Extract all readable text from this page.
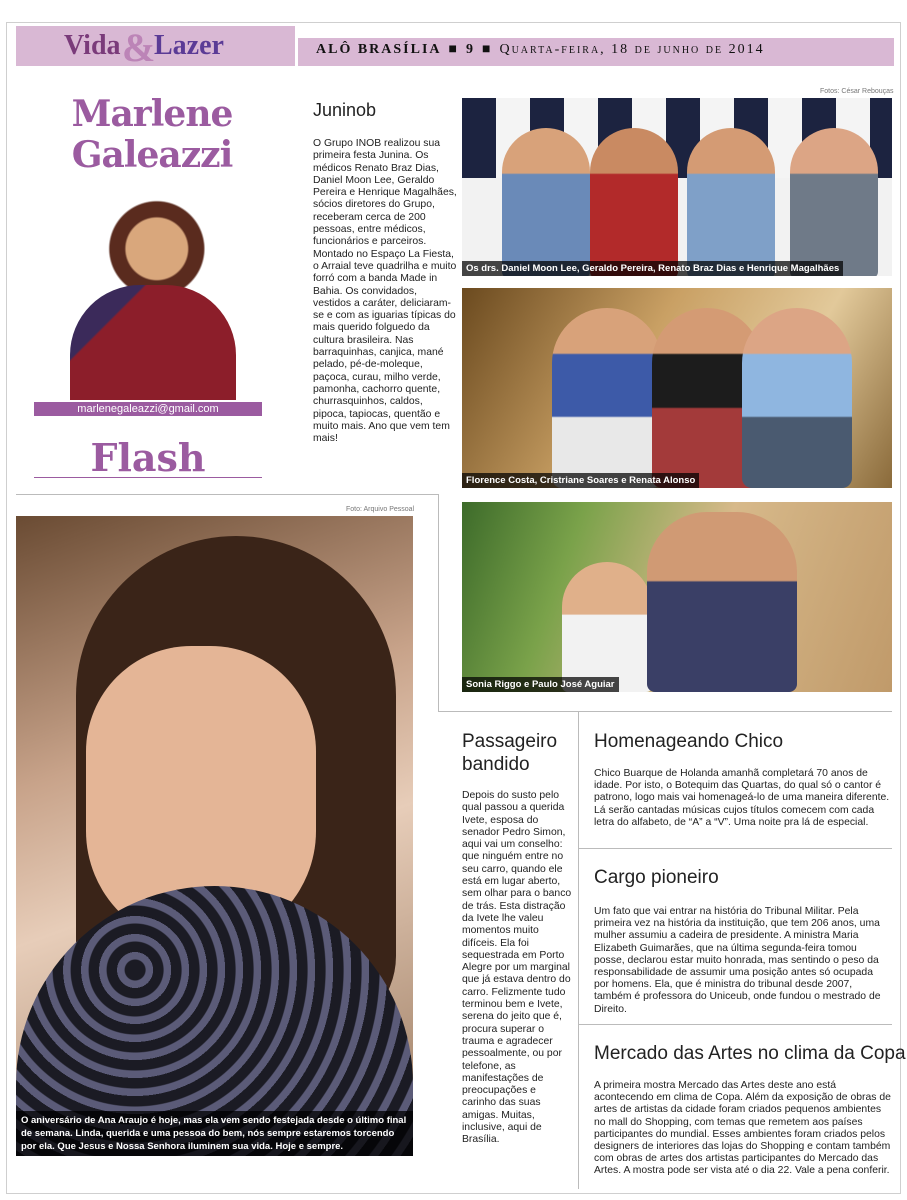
Vida &
Lazer	ALÔ BRASÍLIA ■ 9 ■ Quarta-feira, 18 de junho de 2014
Marlene
Galeazzi
marlenegaleazzi@gmail.com
Flash
Juninob
O Grupo INOB realizou sua primeira festa Junina. Os médicos Renato Braz Dias, Daniel Moon Lee, Geraldo Pereira e Henrique Magalhães, sócios diretores do Grupo, receberam cerca de 200 pessoas, entre médicos, funcionários e parceiros. Montado no Espaço La Fiesta, o Arraial teve quadrilha e muito forró com a banda Made in Bahia. Os convidados, vestidos a caráter, deliciaram-se e com as iguarias típicas do mais querido folguedo da cultura brasileira. Nas barraquinhas, canjica, mané pelado, pé-de-moleque, paçoca, curau, milho verde, pamonha, cachorro quente, churrasquinhos, caldos, pipoca, tapiocas, quentão e muito mais. Ano que vem tem mais!
Fotos: César Rebouças
Os drs. Daniel Moon Lee, Geraldo Pereira, Renato Braz Dias e Henrique Magalhães
Florence Costa, Cristriane Soares e Renata Alonso
Sonia Riggo e Paulo José Aguiar
Foto: Arquivo Pessoal
O aniversário de Ana Araujo é hoje, mas ela vem sendo festejada desde o último final de semana. Linda, querida e uma pessoa do bem, nós sempre estaremos torcendo por ela. Que Jesus e Nossa Senhora iluminem sua vida. Hoje e sempre.
Passageiro
bandido
Depois do susto pelo qual passou a querida Ivete, esposa do senador Pedro Simon, aqui vai um conselho: que ninguém entre no seu carro, quando ele está em lugar aberto, sem olhar para o banco de trás. Esta distração da Ivete lhe valeu momentos muito difíceis. Ela foi sequestrada em Porto Alegre por um marginal que já estava dentro do carro. Felizmente tudo terminou bem e Ivete, serena do jeito que é, procura superar o trauma e agradecer pessoalmente, ou por telefone, as manifestações de preocupações e carinho das suas amigas. Muitas, inclusive, aqui de Brasília.
Homenageando Chico
Chico Buarque de Holanda amanhã completará 70 anos de idade. Por isto, o Botequim das Quartas, do qual só o cantor é patrono, logo mais vai homenageá-lo de uma maneira diferente. Lá serão cantadas músicas cujos títulos comecem com cada letra do alfabeto, de “A” a “V”. Uma noite pra lá de especial.
Cargo pioneiro
Um fato que vai entrar na história do Tribunal Militar. Pela primeira vez na história da instituição, que tem 206 anos, uma mulher assumiu a cadeira de presidente. A ministra Maria Elizabeth Guimarães, que na última segunda-feira tomou posse, declarou estar muito honrada, mas sentindo o peso da responsabilidade de assumir uma posição antes só ocupada por homens. Ela, que é ministra do tribunal desde 2007, também é professora do Uniceub, onde fundou o mestrado de Direito.
Mercado das Artes no clima da Copa
A primeira mostra Mercado das Artes deste ano está acontecendo em clima de Copa. Além da exposição de obras de artes de artistas da cidade foram criados pequenos ambientes no mall do Shopping, com temas que remetem aos países participantes do mundial. Esses ambientes foram criados pelos designers de interiores das lojas do Shopping e contam também com obras de artes dos artistas participantes do Mercado das Artes. A mostra pode ser vista até o dia 22. Vale a pena conferir.
